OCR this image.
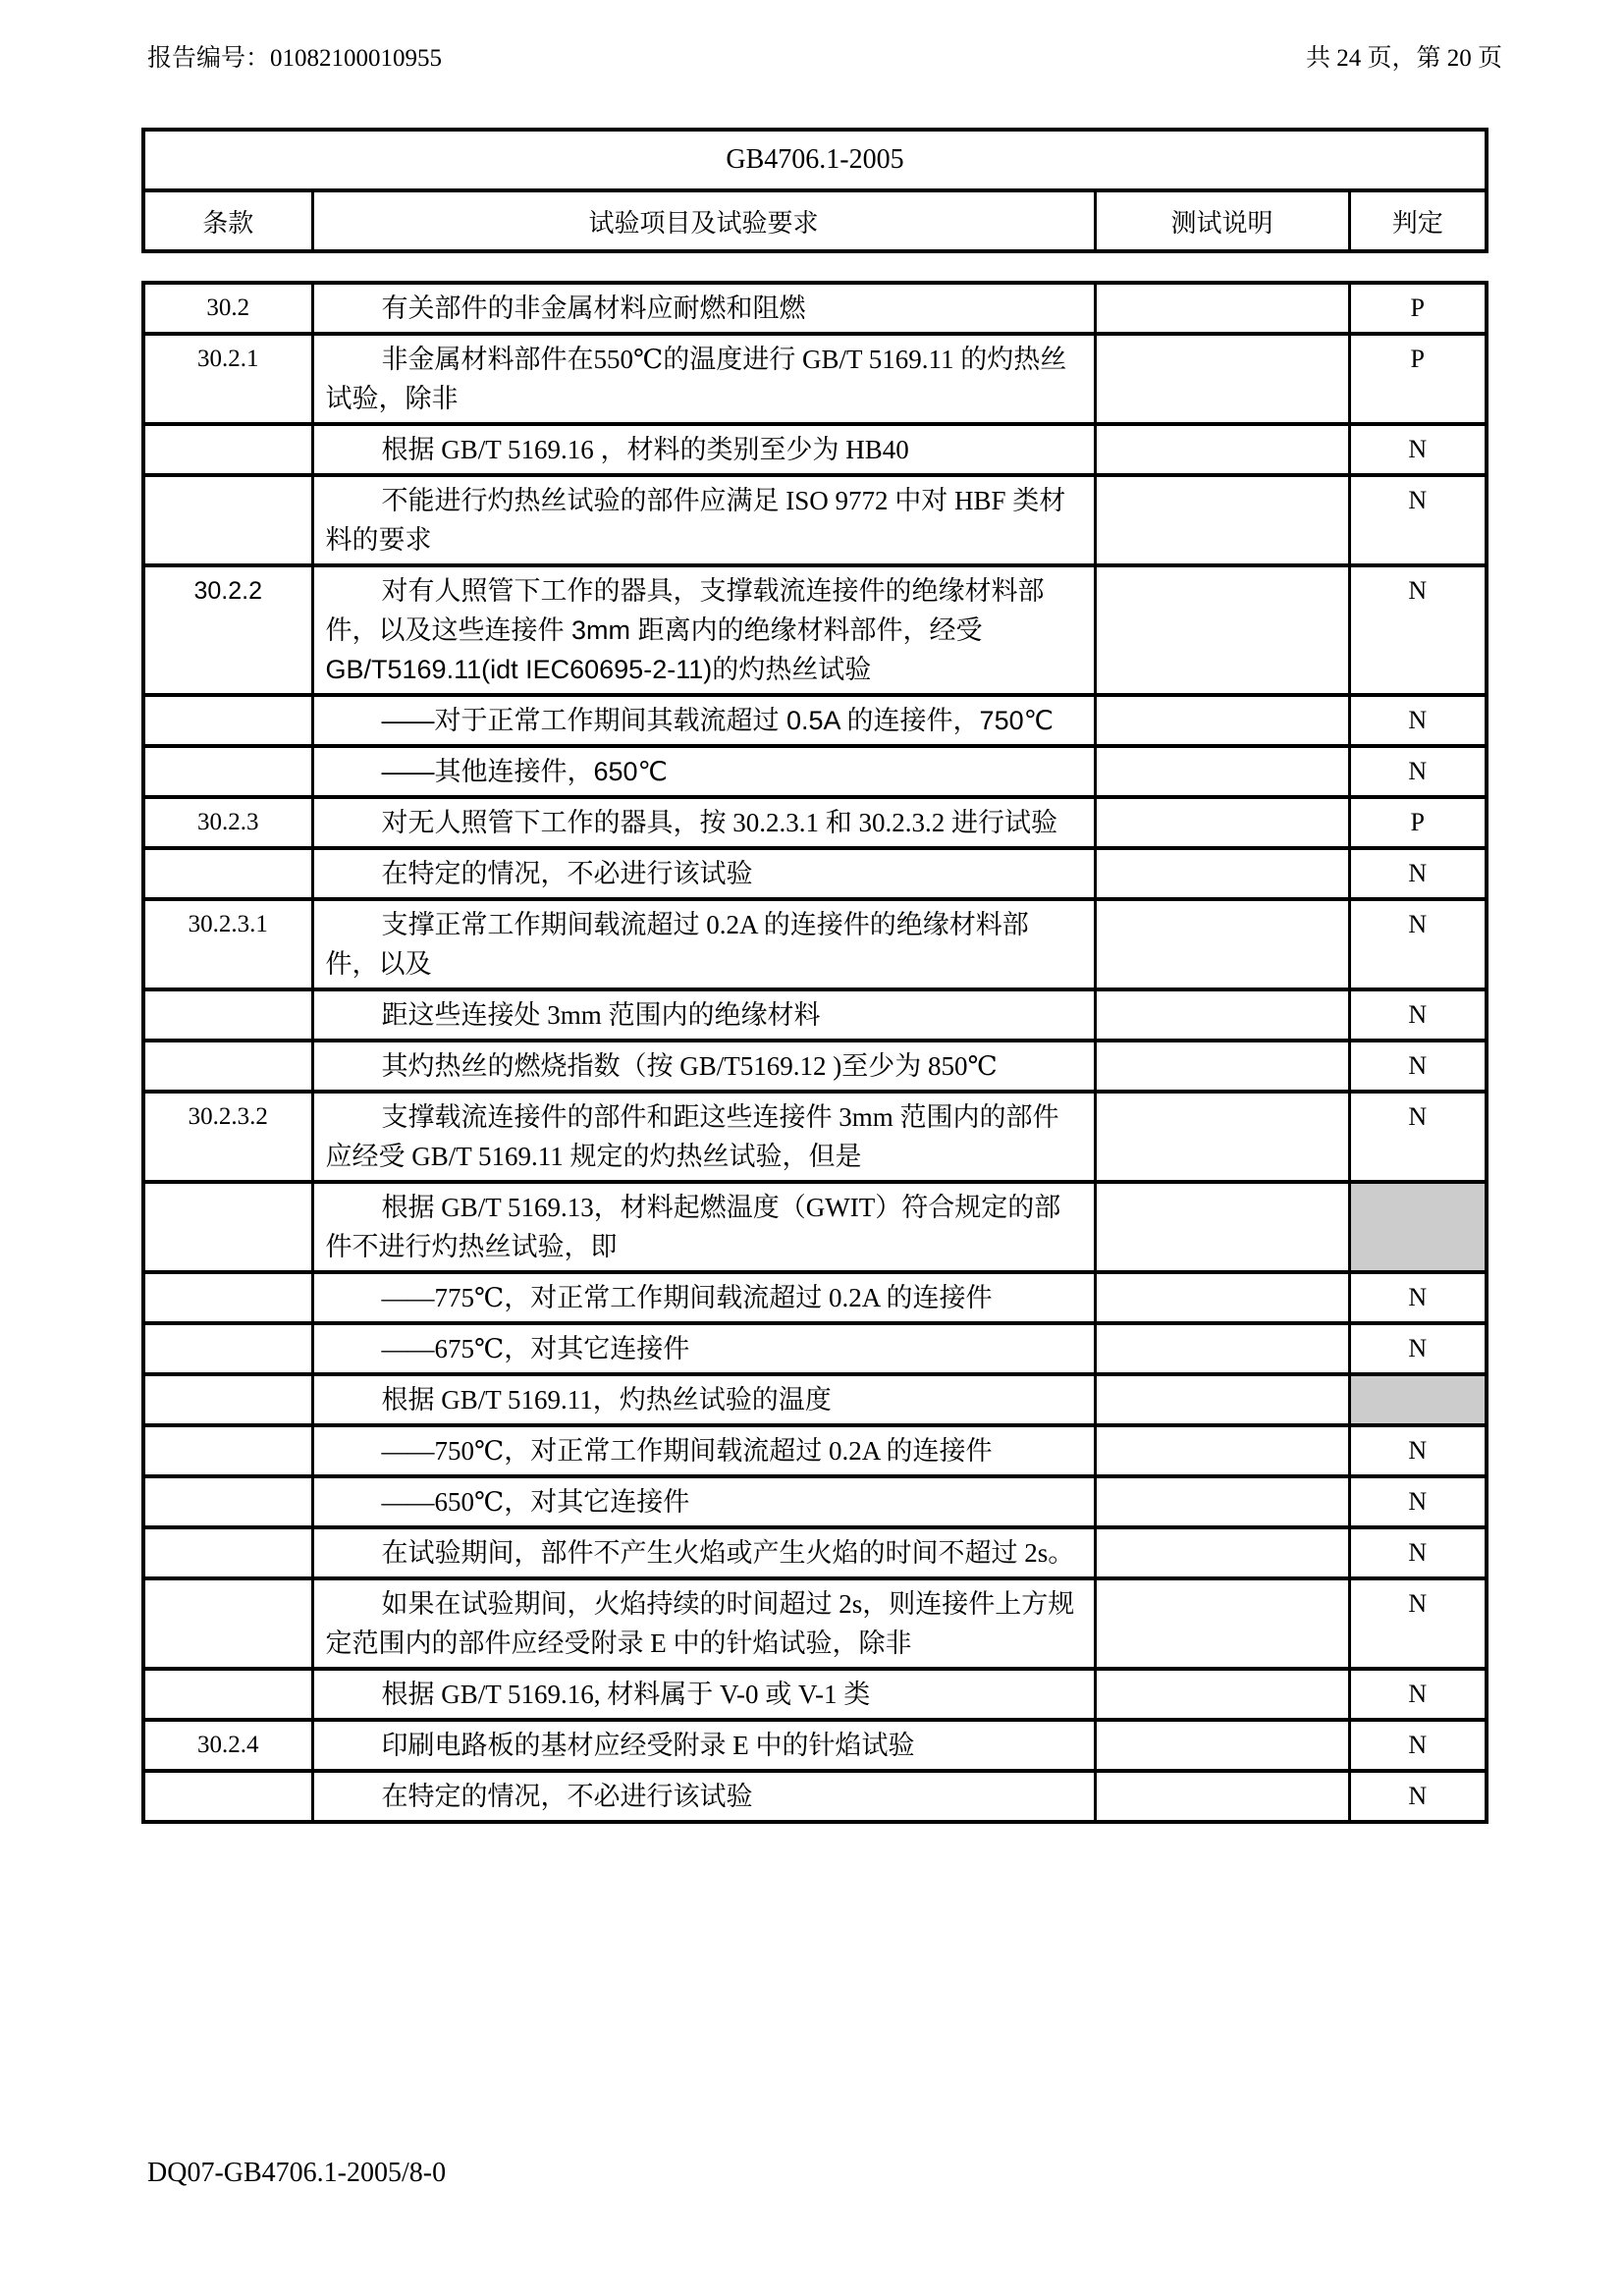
报告编号：01082100010955	共 24 页，第 20 页
GB4706.1-2005
条款	试验项目及试验要求	测试说明	判定
30.2	有关部件的非金属材料应耐燃和阻燃		P
30.2.1	非金属材料部件在550℃的温度进行 GB/T 5169.11 的灼热丝试验，除非		P
	根据 GB/T 5169.16 ，材料的类别至少为 HB40		N
	不能进行灼热丝试验的部件应满足 ISO 9772 中对 HBF 类材料的要求		N
30.2.2	对有人照管下工作的器具，支撑载流连接件的绝缘材料部件，以及这些连接件 3mm 距离内的绝缘材料部件，经受 GB/T5169.11(idt IEC60695-2-11)的灼热丝试验		N
	——对于正常工作期间其载流超过 0.5A 的连接件，750℃		N
	——其他连接件，650℃		N
30.2.3	对无人照管下工作的器具，按 30.2.3.1 和 30.2.3.2 进行试验		P
	在特定的情况，不必进行该试验		N
30.2.3.1	支撑正常工作期间载流超过 0.2A 的连接件的绝缘材料部件，以及		N
	距这些连接处 3mm 范围内的绝缘材料		N
	其灼热丝的燃烧指数（按 GB/T5169.12 )至少为 850℃		N
30.2.3.2	支撑载流连接件的部件和距这些连接件 3mm 范围内的部件应经受 GB/T 5169.11 规定的灼热丝试验，但是		N
	根据 GB/T 5169.13，材料起燃温度（GWIT）符合规定的部件不进行灼热丝试验，即		
	——775℃，对正常工作期间载流超过 0.2A 的连接件		N
	——675℃，对其它连接件		N
	根据 GB/T 5169.11，灼热丝试验的温度		
	——750℃，对正常工作期间载流超过 0.2A 的连接件		N
	——650℃，对其它连接件		N
	在试验期间，部件不产生火焰或产生火焰的时间不超过 2s。		N
	如果在试验期间，火焰持续的时间超过 2s，则连接件上方规定范围内的部件应经受附录 E 中的针焰试验，除非		N
	根据 GB/T 5169.16, 材料属于 V-0 或 V-1 类		N
30.2.4	印刷电路板的基材应经受附录 E 中的针焰试验		N
	在特定的情况，不必进行该试验		N
DQ07-GB4706.1-2005/8-0
